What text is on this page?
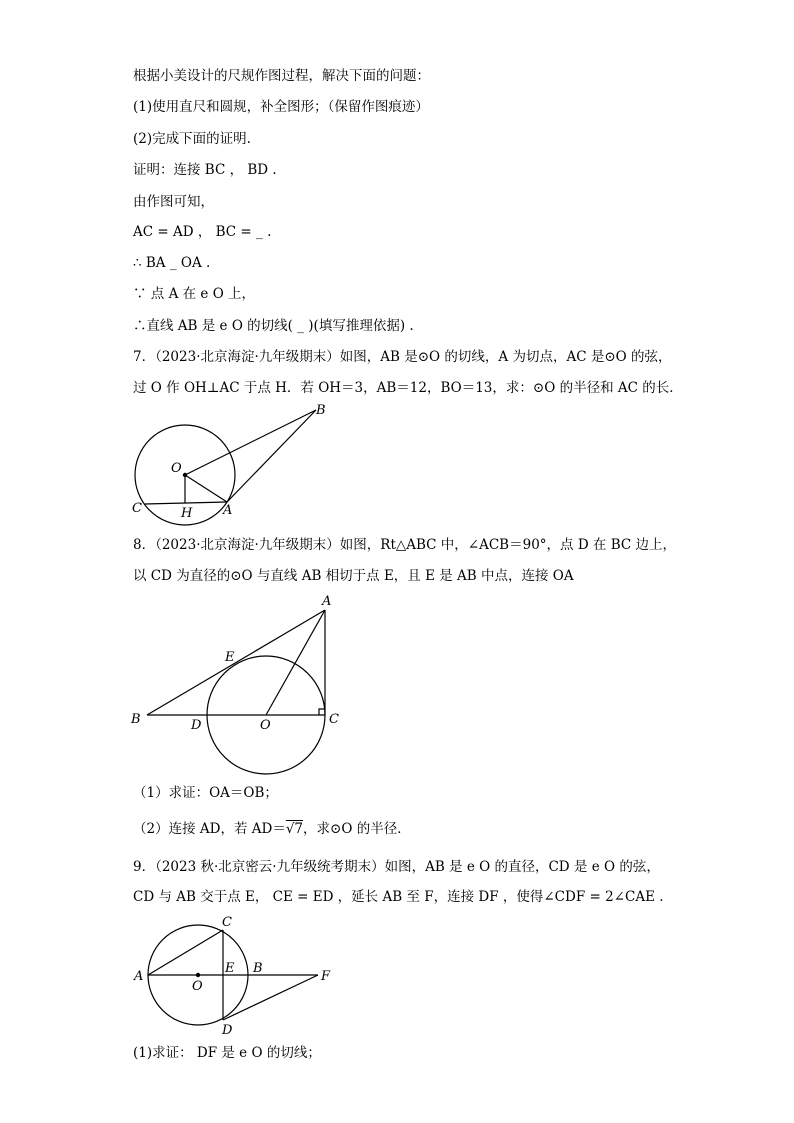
根据小美设计的尺规作图过程，解决下面的问题：
(1)使用直尺和圆规，补全图形；（保留作图痕迹）
(2)完成下面的证明.
证明：连接 BC ， BD .
由作图可知，
AC = AD ， BC = _ .
∴ BA _ OA .
∵ 点 A 在 e O 上，
∴直线 AB 是 e O 的切线( _ )(填写推理依据) .
7．（2023·北京海淀·九年级期末）如图，AB 是⊙O 的切线，A 为切点，AC 是⊙O 的弦，
过 O 作 OH⊥AC 于点 H．若 OH＝3，AB＝12，BO＝13，求：⊙O 的半径和 AC 的长．
B
O
C	H A
8．（2023·北京海淀·九年级期末）如图，Rt△ABC 中，∠ACB＝90°，点 D 在 BC 边上，
以 CD 为直径的⊙O 与直线 AB 相切于点 E，且 E 是 AB 中点，连接 OA
A
E
B	D	O	C
（1）求证：OA＝OB；
（2）连接 AD，若 AD＝√7，求⊙O 的半径．
9．（2023 秋·北京密云·九年级统考期末）如图，AB 是 e O 的直径，CD 是 e O 的弦，
CD 与 AB 交于点 E， CE = ED ，延长 AB 至 F，连接 DF ，使得∠CDF = 2∠CAE .
C
A
E B
F
O
D
(1)求证： DF 是 e O 的切线；
